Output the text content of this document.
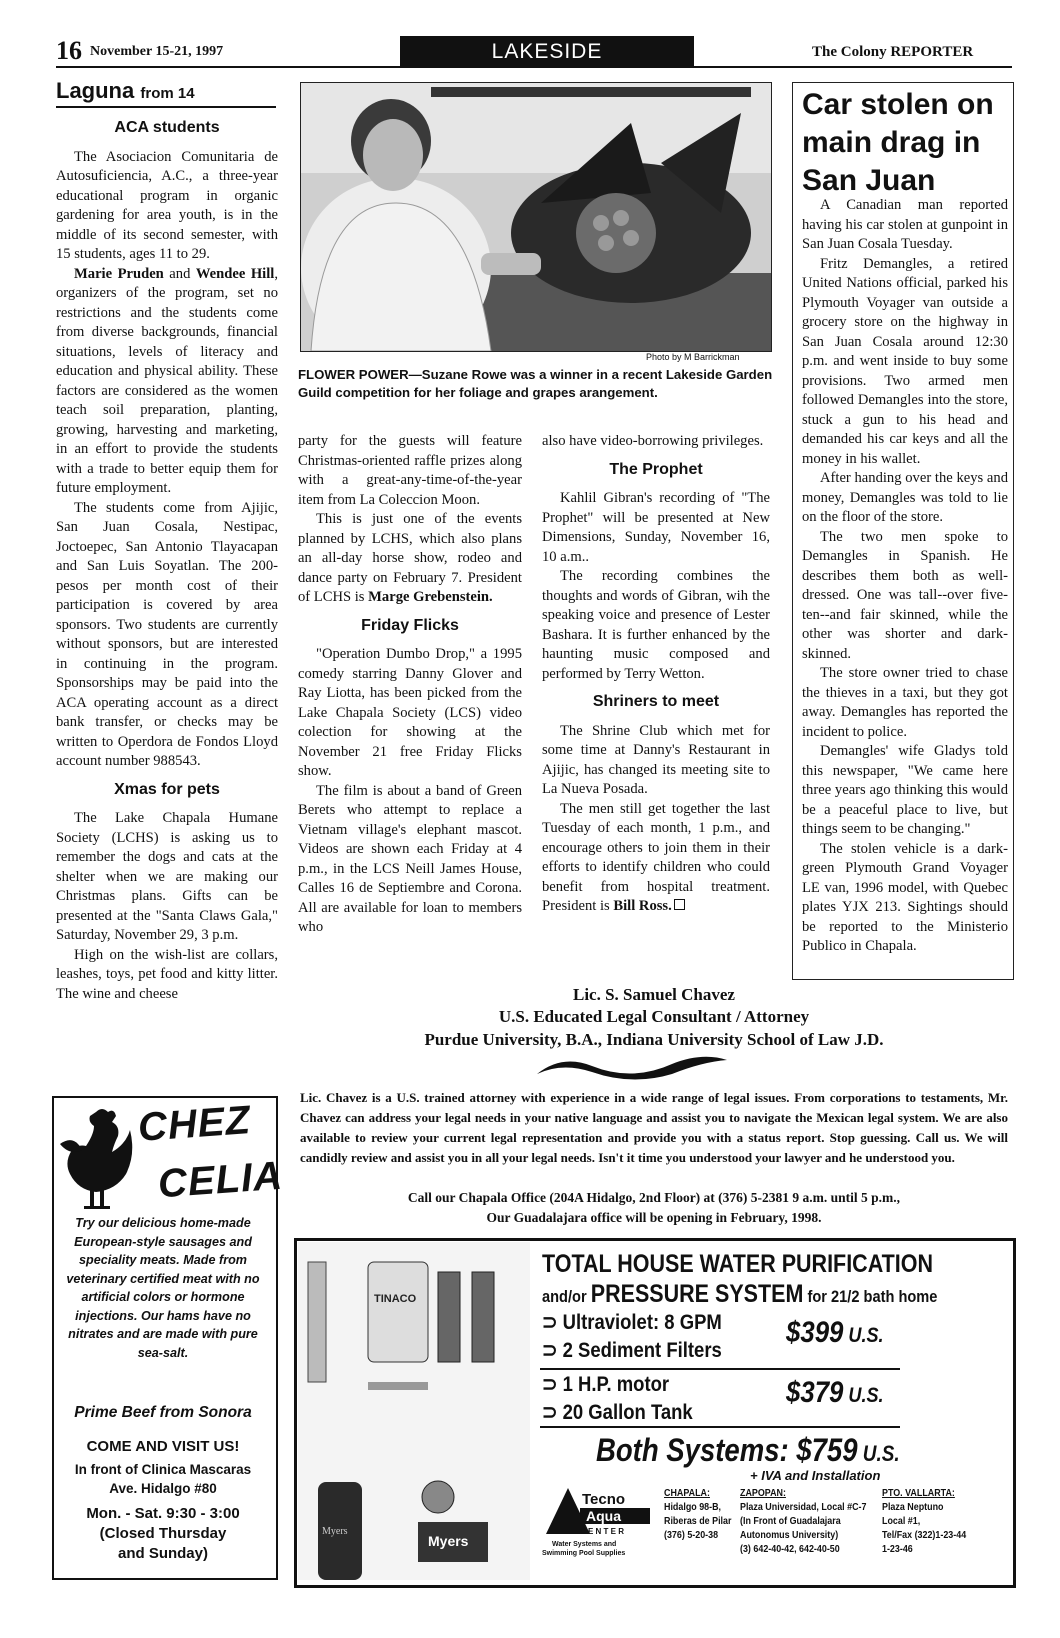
16 November 15-21, 1997	LAKESIDE	The Colony REPORTER
Laguna from 14
ACA students

The Asociacion Comunitaria de Autosuficiencia, A.C., a three-year educational program in organic gardening for area youth, is in the middle of its second semester, with 15 students, ages 11 to 29.

Marie Pruden and Wendee Hill, organizers of the program, set no restrictions and the students come from diverse backgrounds, financial situations, levels of literacy and education and physical ability. These factors are considered as the women teach soil preparation, planting, growing, harvesting and marketing, in an effort to provide the students with a trade to better equip them for future employment.

The students come from Ajijic, San Juan Cosala, Nestipac, Joctoepec, San Antonio Tlayacapan and San Luis Soyatlan. The 200-pesos per month cost of their participation is covered by area sponsors. Two students are currently without sponsors, but are interested in continuing in the program. Sponsorships may be paid into the ACA operating account as a direct bank transfer, or checks may be written to Operdora de Fondos Lloyd account number 988543.

Xmas for pets

The Lake Chapala Humane Society (LCHS) is asking us to remember the dogs and cats at the shelter when we are making our Christmas plans. Gifts can be presented at the "Santa Claws Gala," Saturday, November 29, 3 p.m.

High on the wish-list are collars, leashes, toys, pet food and kitty litter. The wine and cheese

Photo by M Barrickman
FLOWER POWER—Suzane Rowe was a winner in a recent Lakeside Garden Guild competition for her foliage and grapes arangement.

party for the guests will feature Christmas-oriented raffle prizes along with a great-any-time-of-the-year item from La Coleccion Moon.

This is just one of the events planned by LCHS, which also plans an all-day horse show, rodeo and dance party on February 7. President of LCHS is Marge Grebenstein.

Friday Flicks

"Operation Dumbo Drop," a 1995 comedy starring Danny Glover and Ray Liotta, has been picked from the Lake Chapala Society (LCS) video colection for showing at the November 21 free Friday Flicks show.

The film is about a band of Green Berets who attempt to replace a Vietnam village's elephant mascot. Videos are shown each Friday at 4 p.m., in the LCS Neill James House, Calles 16 de Septiembre and Corona. All are available for loan to members who

also have video-borrowing privileges.

The Prophet

Kahlil Gibran's recording of "The Prophet" will be presented at New Dimensions, Sunday, November 16, 10 a.m..

The recording combines the thoughts and words of Gibran, wih the speaking voice and presence of Lester Bashara. It is further enhanced by the haunting music composed and performed by Terry Wetton.

Shriners to meet

The Shrine Club which met for some time at Danny's Restaurant in Ajijic, has changed its meeting site to La Nueva Posada.

The men still get together the last Tuesday of each month, 1 p.m., and encourage others to join them in their efforts to identify children who could benefit from hospital treatment. President is Bill Ross.

Car stolen on main drag in San Juan

A Canadian man reported having his car stolen at gunpoint in San Juan Cosala Tuesday.

Fritz Demangles, a retired United Nations official, parked his Plymouth Voyager van outside a grocery store on the highway in San Juan Cosala around 12:30 p.m. and went inside to buy some provisions. Two armed men followed Demangles into the store, stuck a gun to his head and demanded his car keys and all the money in his wallet.

After handing over the keys and money, Demangles was told to lie on the floor of the store.

The two men spoke to Demangles in Spanish. He describes them both as well-dressed. One was tall--over five-ten--and fair skinned, while the other was shorter and dark-skinned.

The store owner tried to chase the thieves in a taxi, but they got away. Demangles has reported the incident to police.

Demangles' wife Gladys told this newspaper, "We came here three years ago thinking this would be a peaceful place to live, but things seem to be changing."

The stolen vehicle is a dark-green Plymouth Grand Voyager LE van, 1996 model, with Quebec plates YJX 213. Sightings should be reported to the Ministerio Publico in Chapala.

Lic. S. Samuel Chavez
U.S. Educated Legal Consultant / Attorney
Purdue University, B.A., Indiana University School of Law J.D.
Lic. Chavez is a U.S. trained attorney with experience in a wide range of legal issues. From corporations to testaments, Mr. Chavez can address your legal needs in your native language and assist you to navigate the Mexican legal system. We are also available to review your current legal representation and provide you with a status report. Stop guessing. Call us. We will candidly review and assist you in all your legal needs. Isn't it time you understood your lawyer and he understood you.
Call our Chapala Office (204A Hidalgo, 2nd Floor) at (376) 5-2381 9 a.m. until 5 p.m.,
Our Guadalajara office will be opening in February, 1998.
CHEZ
CELIA
Try our delicious home-made European-style sausages and speciality meats. Made from veterinary certified meat with no artificial colors or hormone injections. Our hams have no nitrates and are made with pure sea-salt.
Prime Beef from Sonora
COME AND VISIT US!
In front of Clinica Mascaras
Ave. Hidalgo #80
Mon. - Sat. 9:30 - 3:00
(Closed Thursday
and Sunday)
TINACO
Myers
Myers
TOTAL HOUSE WATER PURIFICATION
and/or PRESSURE SYSTEM for 21/2 bath home
⊃ Ultraviolet: 8 GPM
⊃ 2 Sediment Filters
$399 U.S.
⊃ 1 H.P. motor
⊃ 20 Gallon Tank
$379 U.S.
Both Systems: $759 U.S.
+ IVA and Installation
Tecno
Aqua
C E N T E R
Water Systems and
Swimming Pool Supplies
CHAPALA:
Hidalgo 98-B,
Riberas de Pilar
(376) 5-20-38
ZAPOPAN:
Plaza Universidad, Local #C-7
(In Front of Guadalajara
Autonomus University)
(3) 642-40-42, 642-40-50
PTO. VALLARTA:
Plaza Neptuno
Local #1,
Tel/Fax (322)1-23-44
1-23-46
